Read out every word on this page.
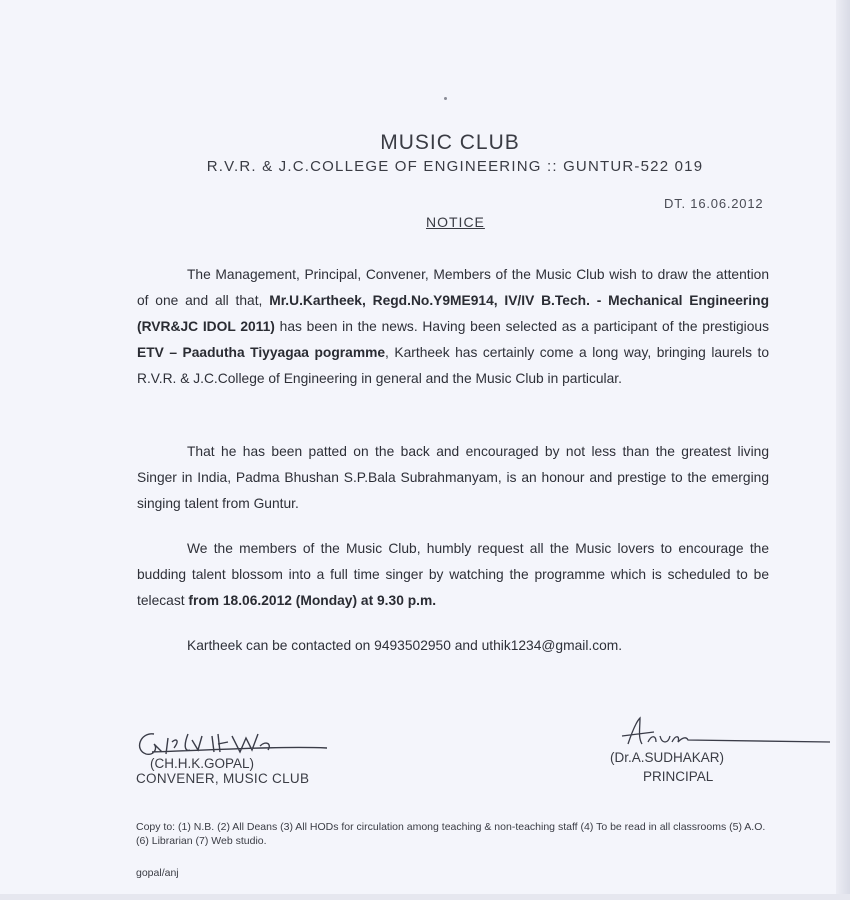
MUSIC CLUB
R.V.R. & J.C.COLLEGE OF ENGINEERING :: GUNTUR-522 019
DT. 16.06.2012
NOTICE
The Management, Principal, Convener, Members of the Music Club wish to draw the attention of one and all that, Mr.U.Kartheek, Regd.No.Y9ME914, IV/IV B.Tech. - Mechanical Engineering (RVR&JC IDOL 2011) has been in the news. Having been selected as a participant of the prestigious ETV – Paadutha Tiyyagaa pogramme, Kartheek has certainly come a long way, bringing laurels to R.V.R. & J.C.College of Engineering in general and the Music Club in particular.
That he has been patted on the back and encouraged by not less than the greatest living Singer in India, Padma Bhushan S.P.Bala Subrahmanyam, is an honour and prestige to the emerging singing talent from Guntur.
We the members of the Music Club, humbly request all the Music lovers to encourage the budding talent blossom into a full time singer by watching the programme which is scheduled to be telecast from 18.06.2012 (Monday) at 9.30 p.m.
Kartheek can be contacted on 9493502950 and uthik1234@gmail.com.
(CH.H.K.GOPAL)
CONVENER, MUSIC CLUB
(Dr.A.SUDHAKAR)
PRINCIPAL
Copy to: (1) N.B. (2) All Deans (3) All HODs for circulation among teaching & non-teaching staff (4) To be read in all classrooms (5) A.O. (6) Librarian (7) Web studio.
gopal/anj
